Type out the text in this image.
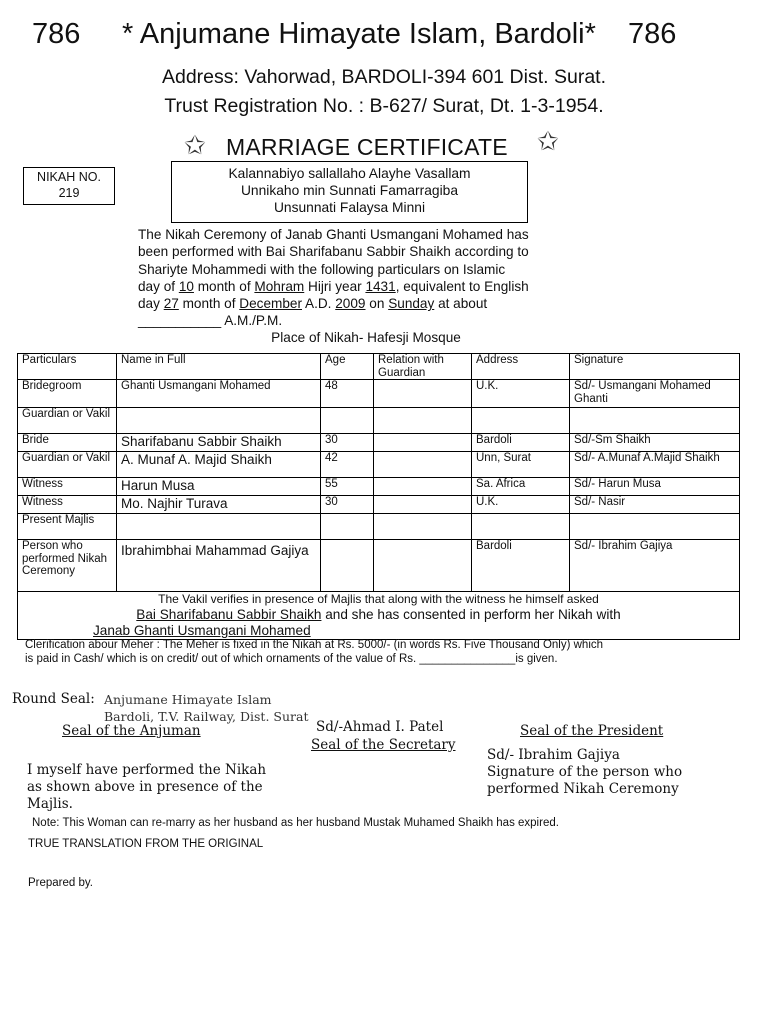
786 * Anjumane Himayate Islam, Bardoli* 786
Address: Vahorwad, BARDOLI-394 601 Dist. Surat.
Trust Registration No. : B-627/ Surat, Dt. 1-3-1954.
✩ MARRIAGE CERTIFICATE ✩
NIKAH NO.
219
Kalannabiyo sallallaho Alayhe Vasallam
Unnikaho min Sunnati Famarragiba
Unsunnati Falaysa Minni
The Nikah Ceremony of Janab Ghanti Usmangani Mohamed has
been performed with Bai Sharifabanu Sabbir Shaikh according to
Shariyte Mohammedi with the following particulars on Islamic
day of 10 month of Mohram Hijri year 1431, equivalent to English
day 27 month of December A.D. 2009 on Sunday at about
___________ A.M./P.M.
Place of Nikah- Hafesji Mosque
Particulars	Name in Full	Age	Relation with Guardian	Address	Signature
Bridegroom	Ghanti Usmangani Mohamed	48		U.K.	Sd/- Usmangani Mohamed Ghanti
Guardian or Vakil					
Bride	Sharifabanu Sabbir Shaikh	30		Bardoli	Sd/-Sm Shaikh
Guardian or Vakil	A. Munaf A. Majid Shaikh	42		Unn, Surat	Sd/- A.Munaf A.Majid Shaikh
Witness	Harun Musa	55		Sa. Africa	Sd/- Harun Musa
Witness	Mo. Najhir Turava	30		U.K.	Sd/- Nasir
Present Majlis					
Person who performed Nikah Ceremony	Ibrahimbhai Mahammad Gajiya			Bardoli	Sd/- Ibrahim Gajiya

The Vakil verifies in presence of Majlis that along with the witness he himself asked
Bai Sharifabanu Sabbir Shaikh and she has consented in perform her Nikah with
Janab Ghanti Usmangani Mohamed					
Clerification abour Meher : The Meher is fixed in the Nikah at Rs. 5000/- (in words Rs. Five Thousand Only) which
is paid in Cash/ which is on credit/ out of which ornaments of the value of Rs. _______________is given.
Round Seal: Anjumane Himayate Islam
Bardoli, T.V. Railway, Dist. Surat
Seal of the Anjuman	Sd/-Ahmad I. Patel
Seal of the Secretary
Seal of the President
Sd/- Ibrahim Gajiya
Signature of the person who
performed Nikah Ceremony
I myself have performed the Nikah
as shown above in presence of the
Majlis.
Note: This Woman can re-marry as her husband as her husband Mustak Muhamed Shaikh has expired.
TRUE TRANSLATION FROM THE ORIGINAL
Prepared by.
